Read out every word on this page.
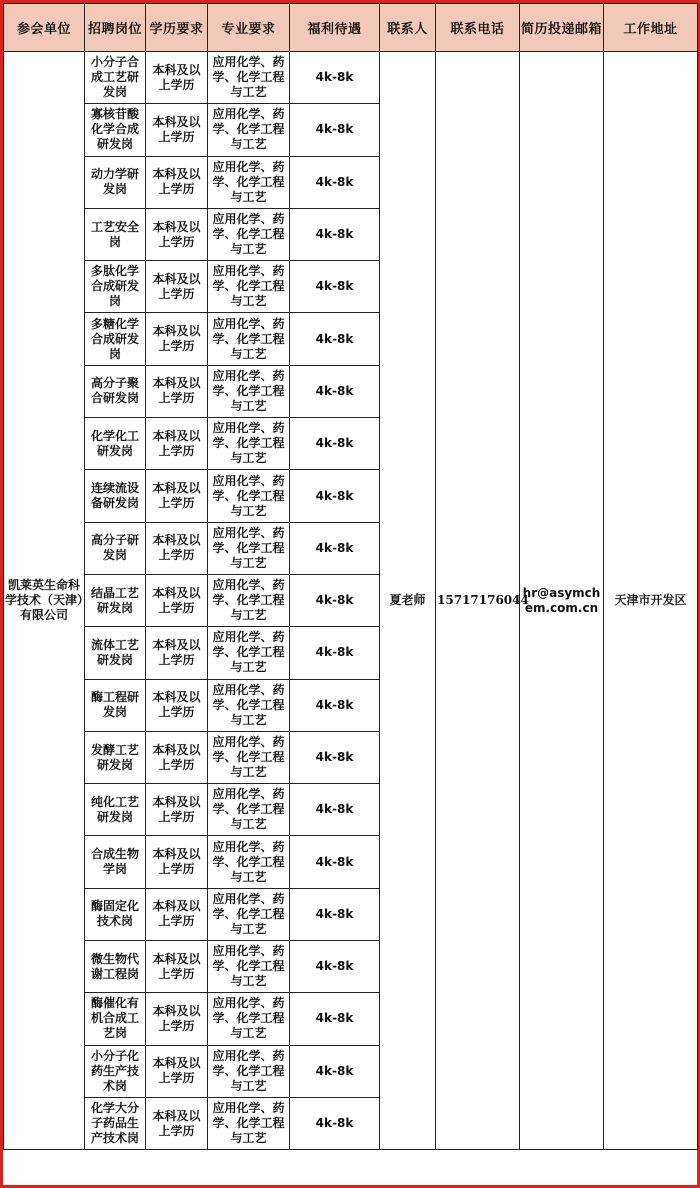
参会单位	招聘岗位	学历要求	专业要求	福利待遇	联系人	联系电话	简历投递邮箱	工作地址
凯莱英生命科学技术（天津）有限公司	小分子合成工艺研发岗	本科及以上学历	应用化学、药学、化学工程与工艺	4k-8k	夏老师	15717176044	hr@asymchem.com.cn	天津市开发区
	寡核苷酸化学合成研发岗	本科及以上学历	应用化学、药学、化学工程与工艺	4k-8k				
	动力学研发岗	本科及以上学历	应用化学、药学、化学工程与工艺	4k-8k				
	工艺安全岗	本科及以上学历	应用化学、药学、化学工程与工艺	4k-8k				
	多肽化学合成研发岗	本科及以上学历	应用化学、药学、化学工程与工艺	4k-8k				
	多糖化学合成研发岗	本科及以上学历	应用化学、药学、化学工程与工艺	4k-8k				
	高分子聚合研发岗	本科及以上学历	应用化学、药学、化学工程与工艺	4k-8k				
	化学化工研发岗	本科及以上学历	应用化学、药学、化学工程与工艺	4k-8k				
	连续流设备研发岗	本科及以上学历	应用化学、药学、化学工程与工艺	4k-8k				
	高分子研发岗	本科及以上学历	应用化学、药学、化学工程与工艺	4k-8k				
	结晶工艺研发岗	本科及以上学历	应用化学、药学、化学工程与工艺	4k-8k				
	流体工艺研发岗	本科及以上学历	应用化学、药学、化学工程与工艺	4k-8k				
	酶工程研发岗	本科及以上学历	应用化学、药学、化学工程与工艺	4k-8k				
	发酵工艺研发岗	本科及以上学历	应用化学、药学、化学工程与工艺	4k-8k				
	纯化工艺研发岗	本科及以上学历	应用化学、药学、化学工程与工艺	4k-8k				
	合成生物学岗	本科及以上学历	应用化学、药学、化学工程与工艺	4k-8k				
	酶固定化技术岗	本科及以上学历	应用化学、药学、化学工程与工艺	4k-8k				
	微生物代谢工程岗	本科及以上学历	应用化学、药学、化学工程与工艺	4k-8k				
	酶催化有机合成工艺岗	本科及以上学历	应用化学、药学、化学工程与工艺	4k-8k				
	小分子化药生产技术岗	本科及以上学历	应用化学、药学、化学工程与工艺	4k-8k				
	化学大分子药品生产技术岗	本科及以上学历	应用化学、药学、化学工程与工艺	4k-8k				
